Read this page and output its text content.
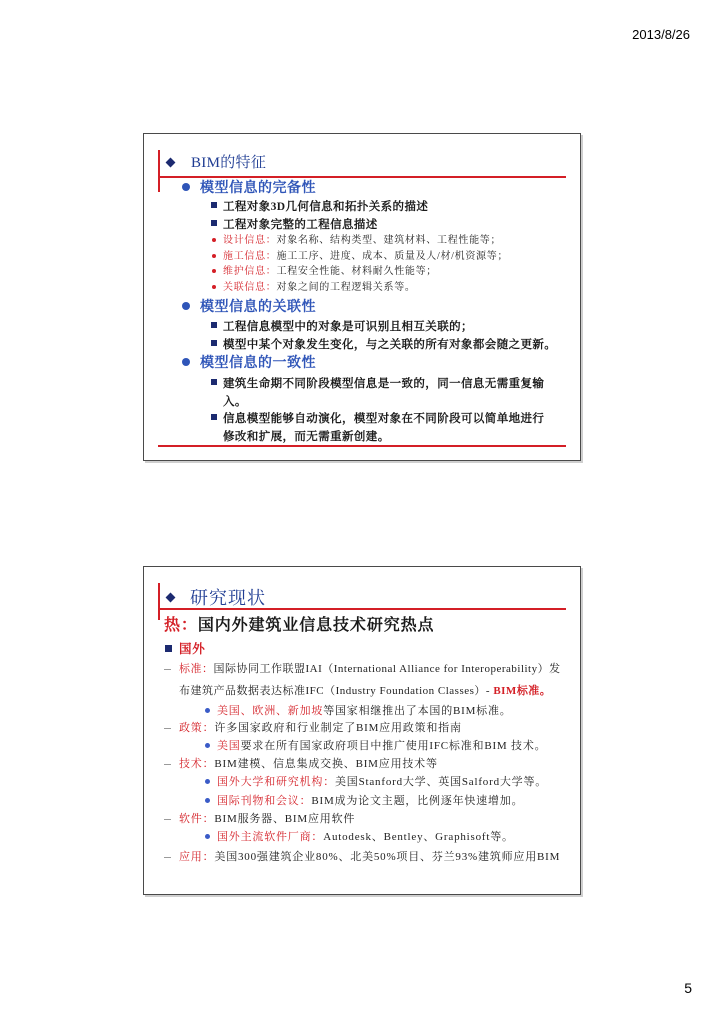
2013/8/26
BIM的特征
模型信息的完备性
工程对象3D几何信息和拓扑关系的描述
工程对象完整的工程信息描述
设计信息：对象名称、结构类型、建筑材料、工程性能等；
施工信息：施工工序、进度、成本、质量及人/材/机资源等；
维护信息：工程安全性能、材料耐久性能等；
关联信息：对象之间的工程逻辑关系等。
模型信息的关联性
工程信息模型中的对象是可识别且相互关联的；
模型中某个对象发生变化，与之关联的所有对象都会随之更新。
模型信息的一致性
建筑生命期不同阶段模型信息是一致的，同一信息无需重复输
入。
信息模型能够自动演化，模型对象在不同阶段可以简单地进行
修改和扩展，而无需重新创建。
研究现状
热：国内外建筑业信息技术研究热点
国外
标准：国际协同工作联盟IAI（International Alliance for Interoperability）发
布建筑产品数据表达标准IFC（Industry Foundation Classes）- BIM标准。
美国、欧洲、新加坡等国家相继推出了本国的BIM标准。
政策：许多国家政府和行业制定了BIM应用政策和指南
美国要求在所有国家政府项目中推广使用IFC标准和BIM 技术。
技术：BIM建模、信息集成交换、BIM应用技术等
国外大学和研究机构：美国Stanford大学、英国Salford大学等。
国际刊物和会议：BIM成为论文主题，比例逐年快速增加。
软件：BIM服务器、BIM应用软件
国外主流软件厂商：Autodesk、Bentley、Graphisoft等。
应用：美国300强建筑企业80%、北美50%项目、芬兰93%建筑师应用BIM
5
